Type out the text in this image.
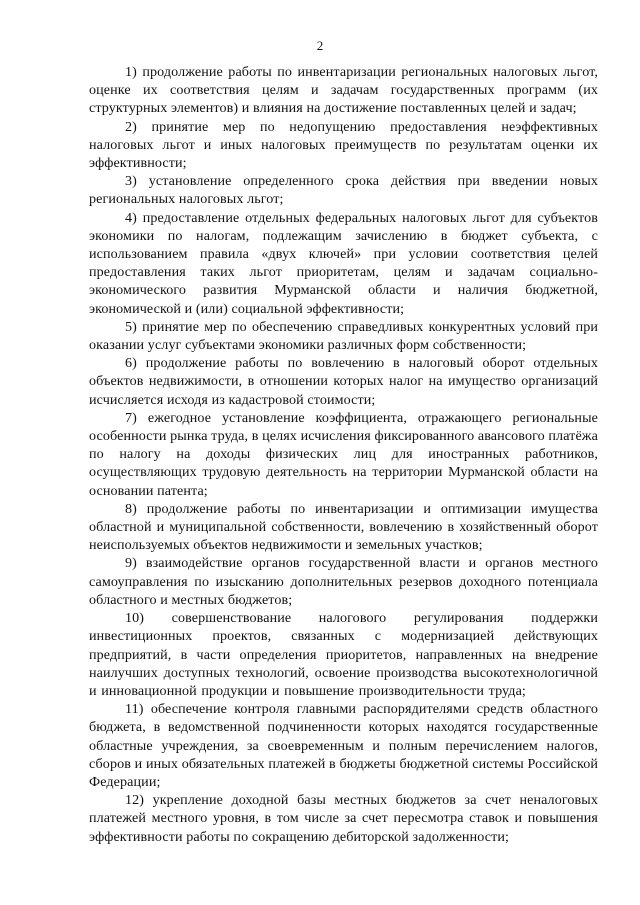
2

1) продолжение работы по инвентаризации региональных налоговых льгот, оценке их соответствия целям и задачам государственных программ (их структурных элементов) и влияния на достижение поставленных целей и задач;

2) принятие мер по недопущению предоставления неэффективных налоговых льгот и иных налоговых преимуществ по результатам оценки их эффективности;

3) установление определенного срока действия при введении новых региональных налоговых льгот;

4) предоставление отдельных федеральных налоговых льгот для субъектов экономики по налогам, подлежащим зачислению в бюджет субъекта, с использованием правила «двух ключей» при условии соответствия целей предоставления таких льгот приоритетам, целям и задачам социально-экономического развития Мурманской области и наличия бюджетной, экономической и (или) социальной эффективности;

5) принятие мер по обеспечению справедливых конкурентных условий при оказании услуг субъектами экономики различных форм собственности;

6) продолжение работы по вовлечению в налоговый оборот отдельных объектов недвижимости, в отношении которых налог на имущество организаций исчисляется исходя из кадастровой стоимости;

7) ежегодное установление коэффициента, отражающего региональные особенности рынка труда, в целях исчисления фиксированного авансового платёжа по налогу на доходы физических лиц для иностранных работников, осуществляющих трудовую деятельность на территории Мурманской области на основании патента;

8) продолжение работы по инвентаризации и оптимизации имущества областной и муниципальной собственности, вовлечению в хозяйственный оборот неиспользуемых объектов недвижимости и земельных участков;

9) взаимодействие органов государственной власти и органов местного самоуправления по изысканию дополнительных резервов доходного потенциала областного и местных бюджетов;

10) совершенствование налогового регулирования поддержки инвестиционных проектов, связанных с модернизацией действующих предприятий, в части определения приоритетов, направленных на внедрение наилучших доступных технологий, освоение производства высокотехнологичной и инновационной продукции и повышение производительности труда;

11) обеспечение контроля главными распорядителями средств областного бюджета, в ведомственной подчиненности которых находятся государственные областные учреждения, за своевременным и полным перечислением налогов, сборов и иных обязательных платежей в бюджеты бюджетной системы Российской Федерации;

12) укрепление доходной базы местных бюджетов за счет неналоговых платежей местного уровня, в том числе за счет пересмотра ставок и повышения эффективности работы по сокращению дебиторской задолженности;
